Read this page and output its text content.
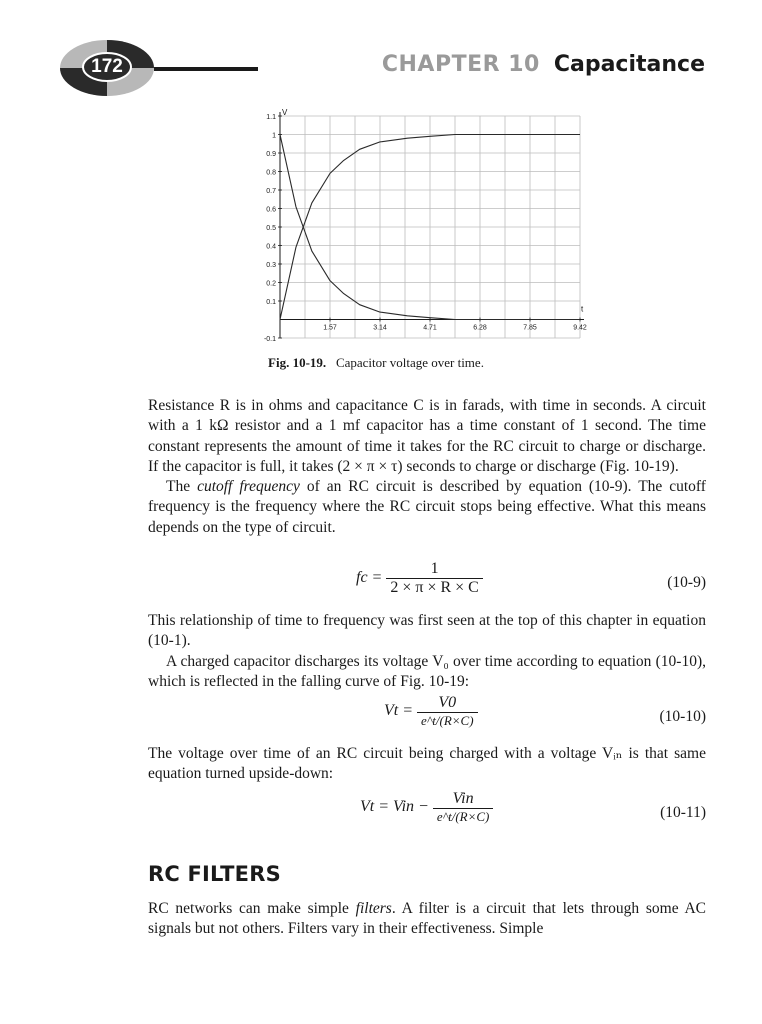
172	CHAPTER 10 Capacitance
V
t
1.1
1
0.9
0.8
0.7
0.6
0.5
0.4
0.3
0.2
0.1
-0.1
1.57	3.14	4.71	6.28	7.85	9.42
Fig. 10-19. Capacitor voltage over time.
Resistance R is in ohms and capacitance C is in farads, with time in seconds. A circuit with a 1 kΩ resistor and a 1 mf capacitor has a time constant of 1 second. The time constant represents the amount of time it takes for the RC circuit to charge or discharge. If the capacitor is full, it takes (2 × π × τ) seconds to charge or discharge (Fig. 10-19).
The cutoff frequency of an RC circuit is described by equation (10-9). The cutoff frequency is the frequency where the RC circuit stops being effective. What this means depends on the type of circuit.
fc = $\frac{1}{2 \times \pi \times R \times C}$	(10-9)
This relationship of time to frequency was first seen at the top of this chapter in equation (10-1).
A charged capacitor discharges its voltage V₀ over time according to equation (10-10), which is reflected in the falling curve of Fig. 10-19:
$Vt = \frac{V0}{e\^{}t/(R\times C)}$	(10-10)
The voltage over time of an RC circuit being charged with a voltage Vᵢₙ is that same equation turned upside-down:
Vt = Vin − $\frac{\text{Vin}}{e\^{}t/(R\times C)}$	(10-11)
RC FILTERS
RC networks can make simple filters. A filter is a circuit that lets through some AC signals but not others. Filters vary in their effectiveness. Simple
